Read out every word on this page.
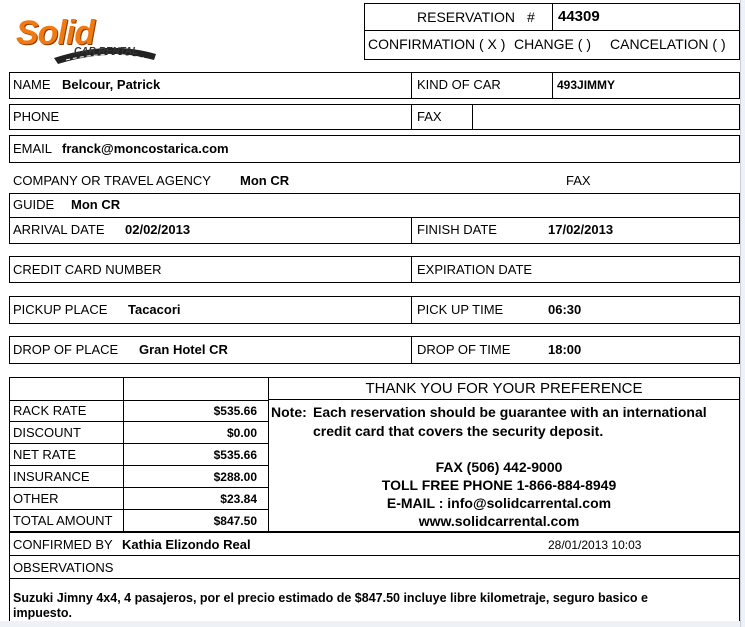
Solid
CAR RENTAL
RESERVATION # 44309
CONFIRMATION ( X ) CHANGE ( ) CANCELATION ( )
NAME Belcour, Patrick	KIND OF CAR	493JIMMY
PHONE	FAX
EMAIL franck@moncostarica.com
COMPANY OR TRAVEL AGENCY Mon CR	FAX
GUIDE Mon CR
ARRIVAL DATE 02/02/2013	FINISH DATE	17/02/2013
CREDIT CARD NUMBER	EXPIRATION DATE
PICKUP PLACE Tacacori	PICK UP TIME	06:30
DROP OF PLACE Gran Hotel CR	DROP OF TIME	18:00
RACK RATE	$535.66
DISCOUNT	$0.00
NET RATE	$535.66
INSURANCE	$288.00
OTHER	$23.84
TOTAL AMOUNT	$847.50
THANK YOU FOR YOUR PREFERENCE
Note: Each reservation should be guarantee with an international
credit card that covers the security deposit.
FAX (506) 442-9000
TOLL FREE PHONE 1-866-884-8949
E-MAIL : info@solidcarrental.com
www.solidcarrental.com
CONFIRMED BY Kathia Elizondo Real	28/01/2013 10:03
OBSERVATIONS
Suzuki Jimny 4x4, 4 pasajeros, por el precio estimado de $847.50 incluye libre kilometraje, seguro basico e
impuesto.
